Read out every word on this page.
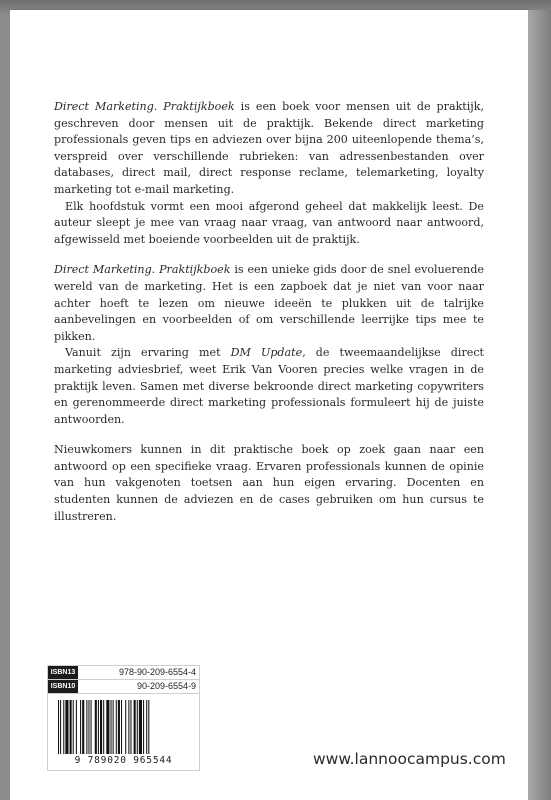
Direct Marketing. Praktijkboek is een boek voor mensen uit de praktijk, geschreven door mensen uit de praktijk. Bekende direct marketing professionals geven tips en adviezen over bijna 200 uiteenlopende thema’s, verspreid over verschillende rubrieken: van adressenbestanden over databases, direct mail, direct response reclame, telemarketing, loyalty marketing tot e-mail marketing.

Elk hoofdstuk vormt een mooi afgerond geheel dat makkelijk leest. De auteur sleept je mee van vraag naar vraag, van antwoord naar antwoord, afgewisseld met boeiende voorbeelden uit de praktijk.

Direct Marketing. Praktijkboek is een unieke gids door de snel evoluerende wereld van de marketing. Het is een zapboek dat je niet van voor naar achter hoeft te lezen om nieuwe ideeën te plukken uit de talrijke aanbevelingen en voorbeelden of om verschillende leerrijke tips mee te pikken.

Vanuit zijn ervaring met DM Update, de tweemaandelijkse direct marketing adviesbrief, weet Erik Van Vooren precies welke vragen in de praktijk leven. Samen met diverse bekroonde direct marketing copywriters en gerenommeerde direct marketing professionals formuleert hij de juiste antwoorden.

Nieuwkomers kunnen in dit praktische boek op zoek gaan naar een antwoord op een specifieke vraag. Ervaren professionals kunnen de opinie van hun vakgenoten toetsen aan hun eigen ervaring. Docenten en studenten kunnen de adviezen en de cases gebruiken om hun cursus te illustreren.

ISBN13	978-90-209-6554-4
ISBN10	90-209-6554-9
9 789020 965544	www.lannoocampus.com
